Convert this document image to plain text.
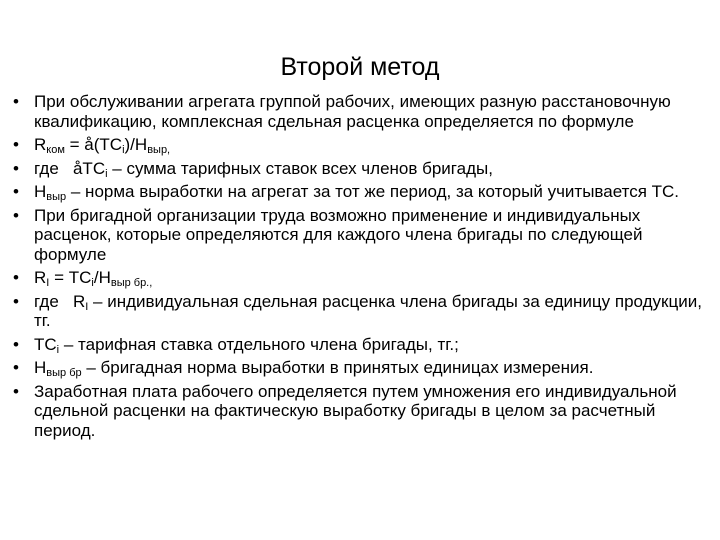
Второй метод
• При обслуживании агрегата группой рабочих, имеющих разную расстановочную квалификацию, комплексная сдельная расценка определяется по формуле
• $R_{ком}$ = $å(ТС_i)/Н_{выр,}$
• где   åТС$_i$ – сумма тарифных ставок всех членов бригады,
• $Н_{выр}$ – норма выработки на агрегат за тот же период, за который учитывается ТС.
• При бригадной организации труда возможно применение и индивидуальных расценок, которые определяются для каждого члена бригады по следующей формуле
• $R_I = ТС_i/Н_{выр бр.,}$
• где   $R_I$ – индивидуальная сдельная расценка члена бригады за единицу продукции, тг.
• $ТС_i$ – тарифная ставка отдельного члена бригады, тг.;
• $Н_{выр бр}$ – бригадная норма выработки в принятых единицах измерения.
• Заработная плата рабочего определяется путем умножения его индивидуальной сдельной расценки на фактическую выработку бригады в целом за расчетный период.
